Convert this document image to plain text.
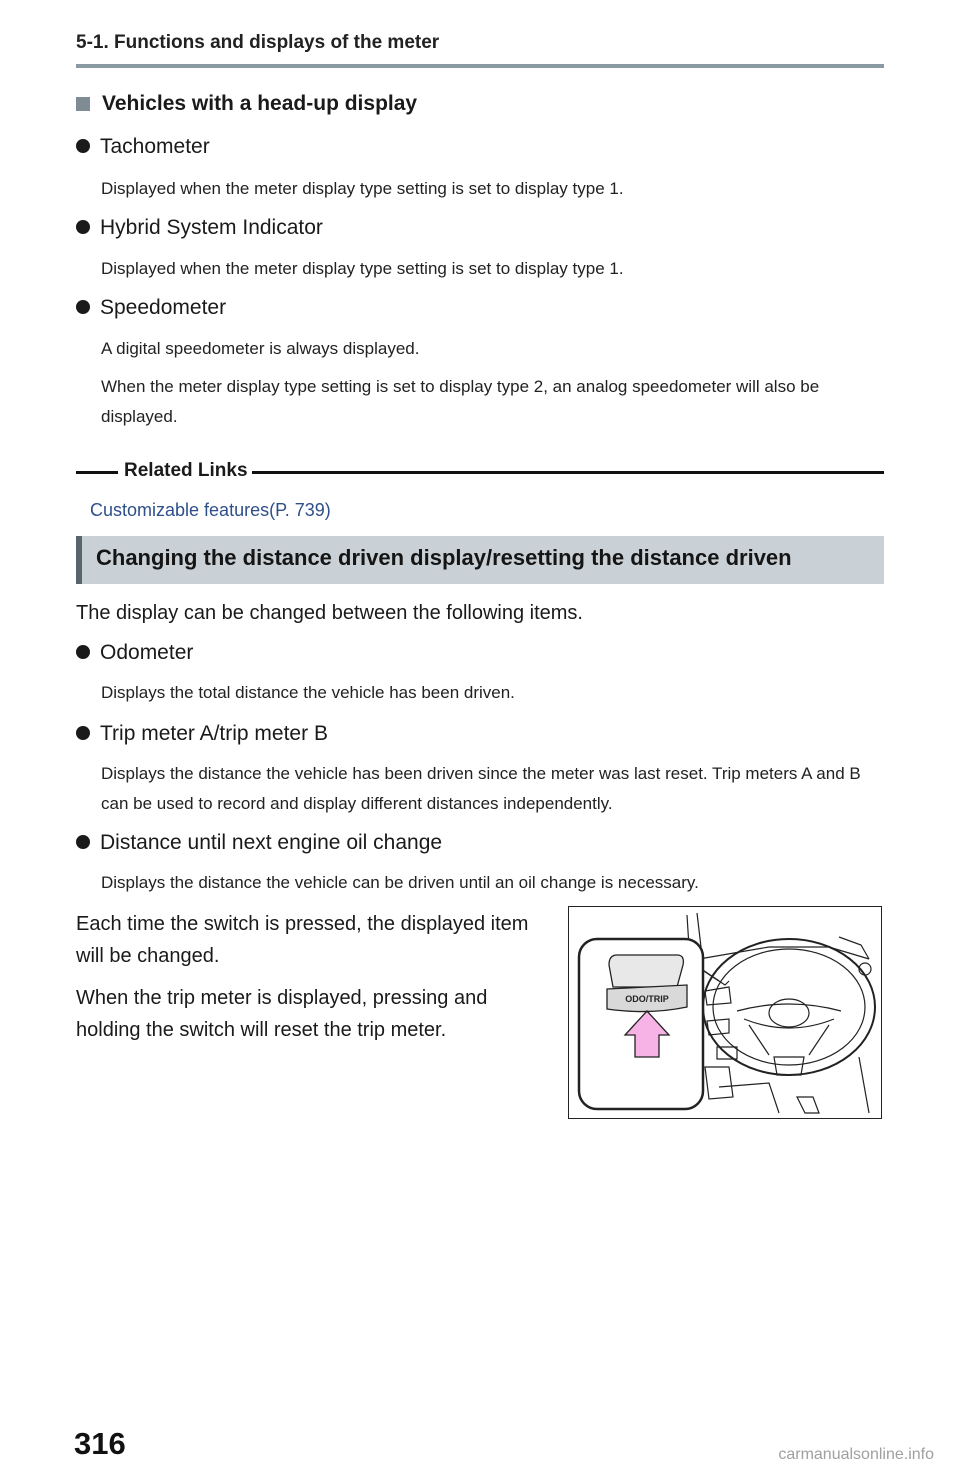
5-1. Functions and displays of the meter
Vehicles with a head-up display
Tachometer
Displayed when the meter display type setting is set to display type 1.
Hybrid System Indicator
Displayed when the meter display type setting is set to display type 1.
Speedometer
A digital speedometer is always displayed.
When the meter display type setting is set to display type 2, an analog speedometer will also be displayed.
Related Links
Customizable features(P. 739)
Changing the distance driven display/resetting the distance driven
The display can be changed between the following items.
Odometer
Displays the total distance the vehicle has been driven.
Trip meter A/trip meter B
Displays the distance the vehicle has been driven since the meter was last reset. Trip meters A and B can be used to record and display different distances independently.
Distance until next engine oil change
Displays the distance the vehicle can be driven until an oil change is necessary.
Each time the switch is pressed, the displayed item will be changed.
When the trip meter is displayed, pressing and holding the switch will reset the trip meter.
ODO/TRIP
316	carmanualsonline.info
